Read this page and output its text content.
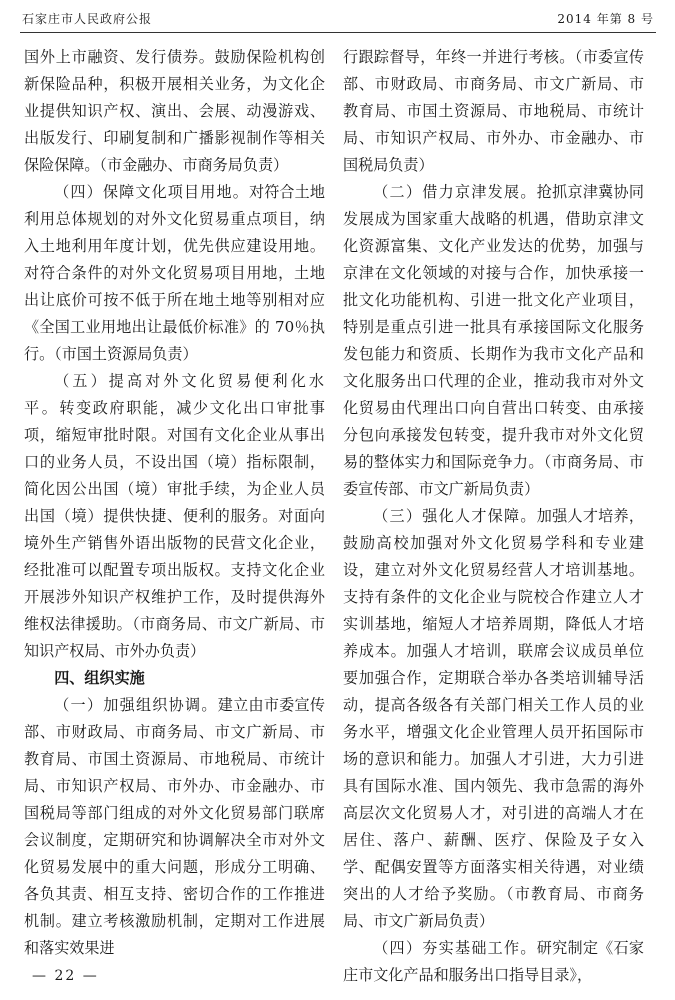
石家庄市人民政府公报	2014 年第 8 号

国外上市融资、发行债券。鼓励保险机构创新保险品种，积极开展相关业务，为文化企业提供知识产权、演出、会展、动漫游戏、出版发行、印刷复制和广播影视制作等相关保险保障。（市金融办、市商务局负责）

（四）保障文化项目用地。对符合土地利用总体规划的对外文化贸易重点项目，纳入土地利用年度计划，优先供应建设用地。对符合条件的对外文化贸易项目用地，土地出让底价可按不低于所在地土地等别相对应《全国工业用地出让最低价标准》的 70％执行。（市国土资源局负责）

（五）提高对外文化贸易便利化水平。转变政府职能，减少文化出口审批事项，缩短审批时限。对国有文化企业从事出口的业务人员，不设出国（境）指标限制，简化因公出国（境）审批手续，为企业人员出国（境）提供快捷、便利的服务。对面向境外生产销售外语出版物的民营文化企业，经批准可以配置专项出版权。支持文化企业开展涉外知识产权维护工作，及时提供海外维权法律援助。（市商务局、市文广新局、市知识产权局、市外办负责）

四、组织实施

（一）加强组织协调。建立由市委宣传部、市财政局、市商务局、市文广新局、市教育局、市国土资源局、市地税局、市统计局、市知识产权局、市外办、市金融办、市国税局等部门组成的对外文化贸易部门联席会议制度，定期研究和协调解决全市对外文化贸易发展中的重大问题，形成分工明确、各负其责、相互支持、密切合作的工作推进机制。建立考核激励机制，定期对工作进展和落实效果进

行跟踪督导，年终一并进行考核。（市委宣传部、市财政局、市商务局、市文广新局、市教育局、市国土资源局、市地税局、市统计局、市知识产权局、市外办、市金融办、市国税局负责）

（二）借力京津发展。抢抓京津冀协同发展成为国家重大战略的机遇，借助京津文化资源富集、文化产业发达的优势，加强与京津在文化领域的对接与合作，加快承接一批文化功能机构、引进一批文化产业项目，特别是重点引进一批具有承接国际文化服务发包能力和资质、长期作为我市文化产品和文化服务出口代理的企业，推动我市对外文化贸易由代理出口向自营出口转变、由承接分包向承接发包转变，提升我市对外文化贸易的整体实力和国际竞争力。（市商务局、市委宣传部、市文广新局负责）

（三）强化人才保障。加强人才培养，鼓励高校加强对外文化贸易学科和专业建设，建立对外文化贸易经营人才培训基地。支持有条件的文化企业与院校合作建立人才实训基地，缩短人才培养周期，降低人才培养成本。加强人才培训，联席会议成员单位要加强合作，定期联合举办各类培训辅导活动，提高各级各有关部门相关工作人员的业务水平，增强文化企业管理人员开拓国际市场的意识和能力。加强人才引进，大力引进具有国际水准、国内领先、我市急需的海外高层次文化贸易人才，对引进的高端人才在居住、落户、薪酬、医疗、保险及子女入学、配偶安置等方面落实相关待遇，对业绩突出的人才给予奖励。（市教育局、市商务局、市文广新局负责）

（四）夯实基础工作。研究制定《石家庄市文化产品和服务出口指导目录》，

— 22 —
